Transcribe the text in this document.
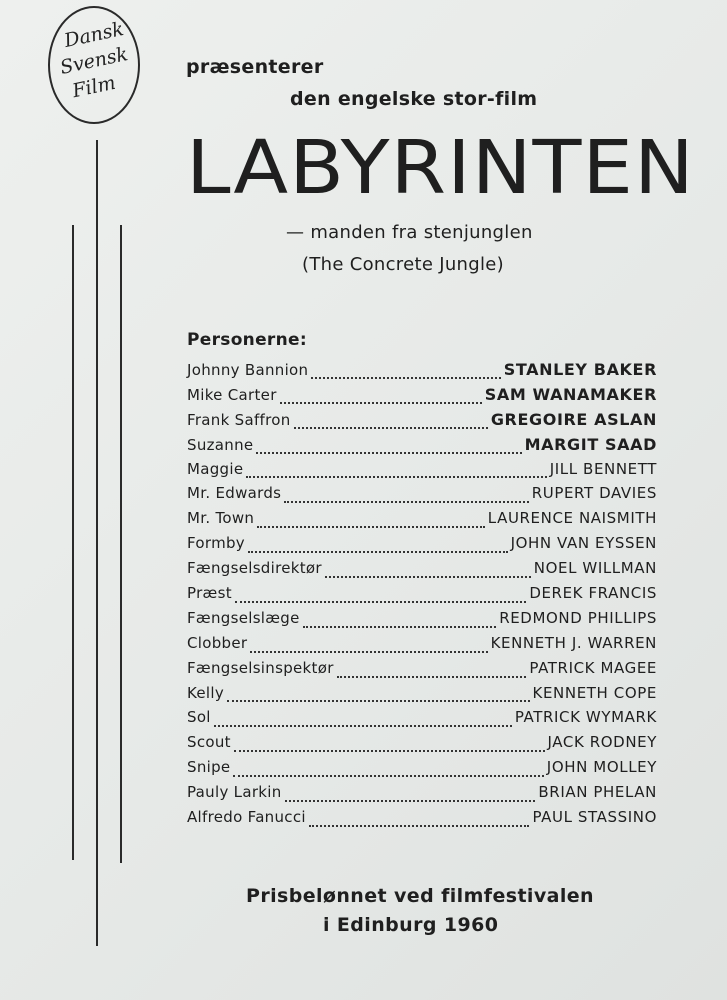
Dansk
Svensk
Film
præsenterer
den engelske stor-film
LABYRINTEN
— manden fra stenjunglen
(The Concrete Jungle)
Personerne:
Johnny Bannion	STANLEY BAKER
Mike Carter	SAM WANAMAKER
Frank Saffron	GREGOIRE ASLAN
Suzanne	MARGIT SAAD
Maggie	JILL BENNETT
Mr. Edwards	RUPERT DAVIES
Mr. Town	LAURENCE NAISMITH
Formby	JOHN VAN EYSSEN
Fængselsdirektør	NOEL WILLMAN
Præst	DEREK FRANCIS
Fængselslæge	REDMOND PHILLIPS
Clobber	KENNETH J. WARREN
Fængselsinspektør	PATRICK MAGEE
Kelly	KENNETH COPE
Sol	PATRICK WYMARK
Scout	JACK RODNEY
Snipe	JOHN MOLLEY
Pauly Larkin	BRIAN PHELAN
Alfredo Fanucci	PAUL STASSINO
Prisbelønnet ved filmfestivalen
i Edinburg 1960
